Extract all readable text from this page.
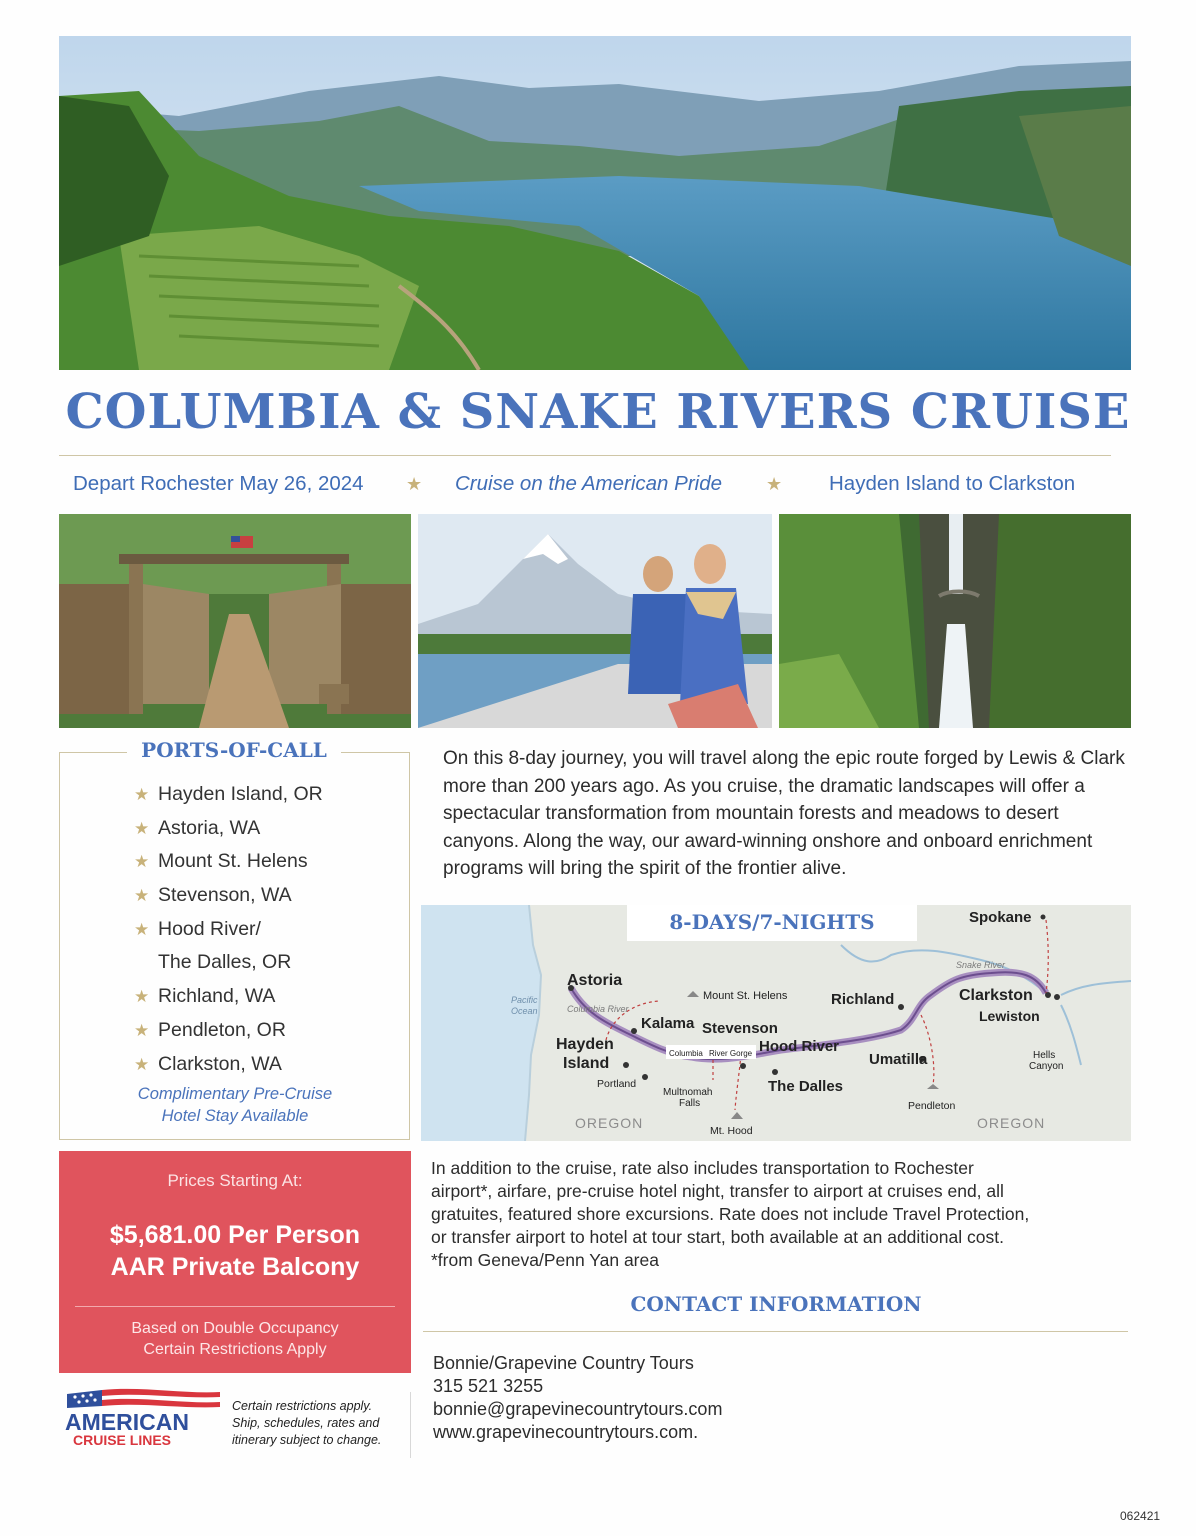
COLUMBIA & SNAKE RIVERS CRUISE
Depart Rochester May 26, 2024 ★ Cruise on the American Pride ★ Hayden Island to Clarkston
PORTS-OF-CALL
★ Hayden Island, OR
★ Astoria, WA
★ Mount St. Helens
★ Stevenson, WA
★ Hood River/
The Dalles, OR
★ Richland, WA
★ Pendleton, OR
★ Clarkston, WA
Complimentary Pre-Cruise
Hotel Stay Available
On this 8-day journey, you will travel along the epic route forged by Lewis & Clark more than 200 years ago. As you cruise, the dramatic landscapes will offer a spectacular transformation from mountain forests and meadows to desert canyons. Along the way, our award-winning onshore and onboard enrichment programs will bring the spirit of the frontier alive.
8-DAYS/7-NIGHTS	Spokane
Snake River
Astoria
Pacific
Ocean	Columbia River
Mount St. Helens	Richland	Clarkston
Lewiston
Kalama Stevenson
Hayden
Island
Columbia River Gorge Hood River
Umatilla	Hells
Canyon
Portland	The Dalles
Multnomah
Falls	Pendleton
OREGON	OREGON
Mt. Hood
Prices Starting At:
$5,681.00 Per Person
AAR Private Balcony
Based on Double Occupancy
Certain Restrictions Apply
AMERICAN
CRUISE LINES
Certain restrictions apply.
Ship, schedules, rates and
itinerary subject to change.
In addition to the cruise, rate also includes transportation to Rochester
airport*, airfare, pre-cruise hotel night, transfer to airport at cruises end, all
gratuites, featured shore excursions. Rate does not include Travel Protection,
or transfer airport to hotel at tour start, both available at an additional cost.
*from Geneva/Penn Yan area
CONTACT INFORMATION
Bonnie/Grapevine Country Tours
315 521 3255
bonnie@grapevinecountrytours.com
www.grapevinecountrytours.com.
062421
